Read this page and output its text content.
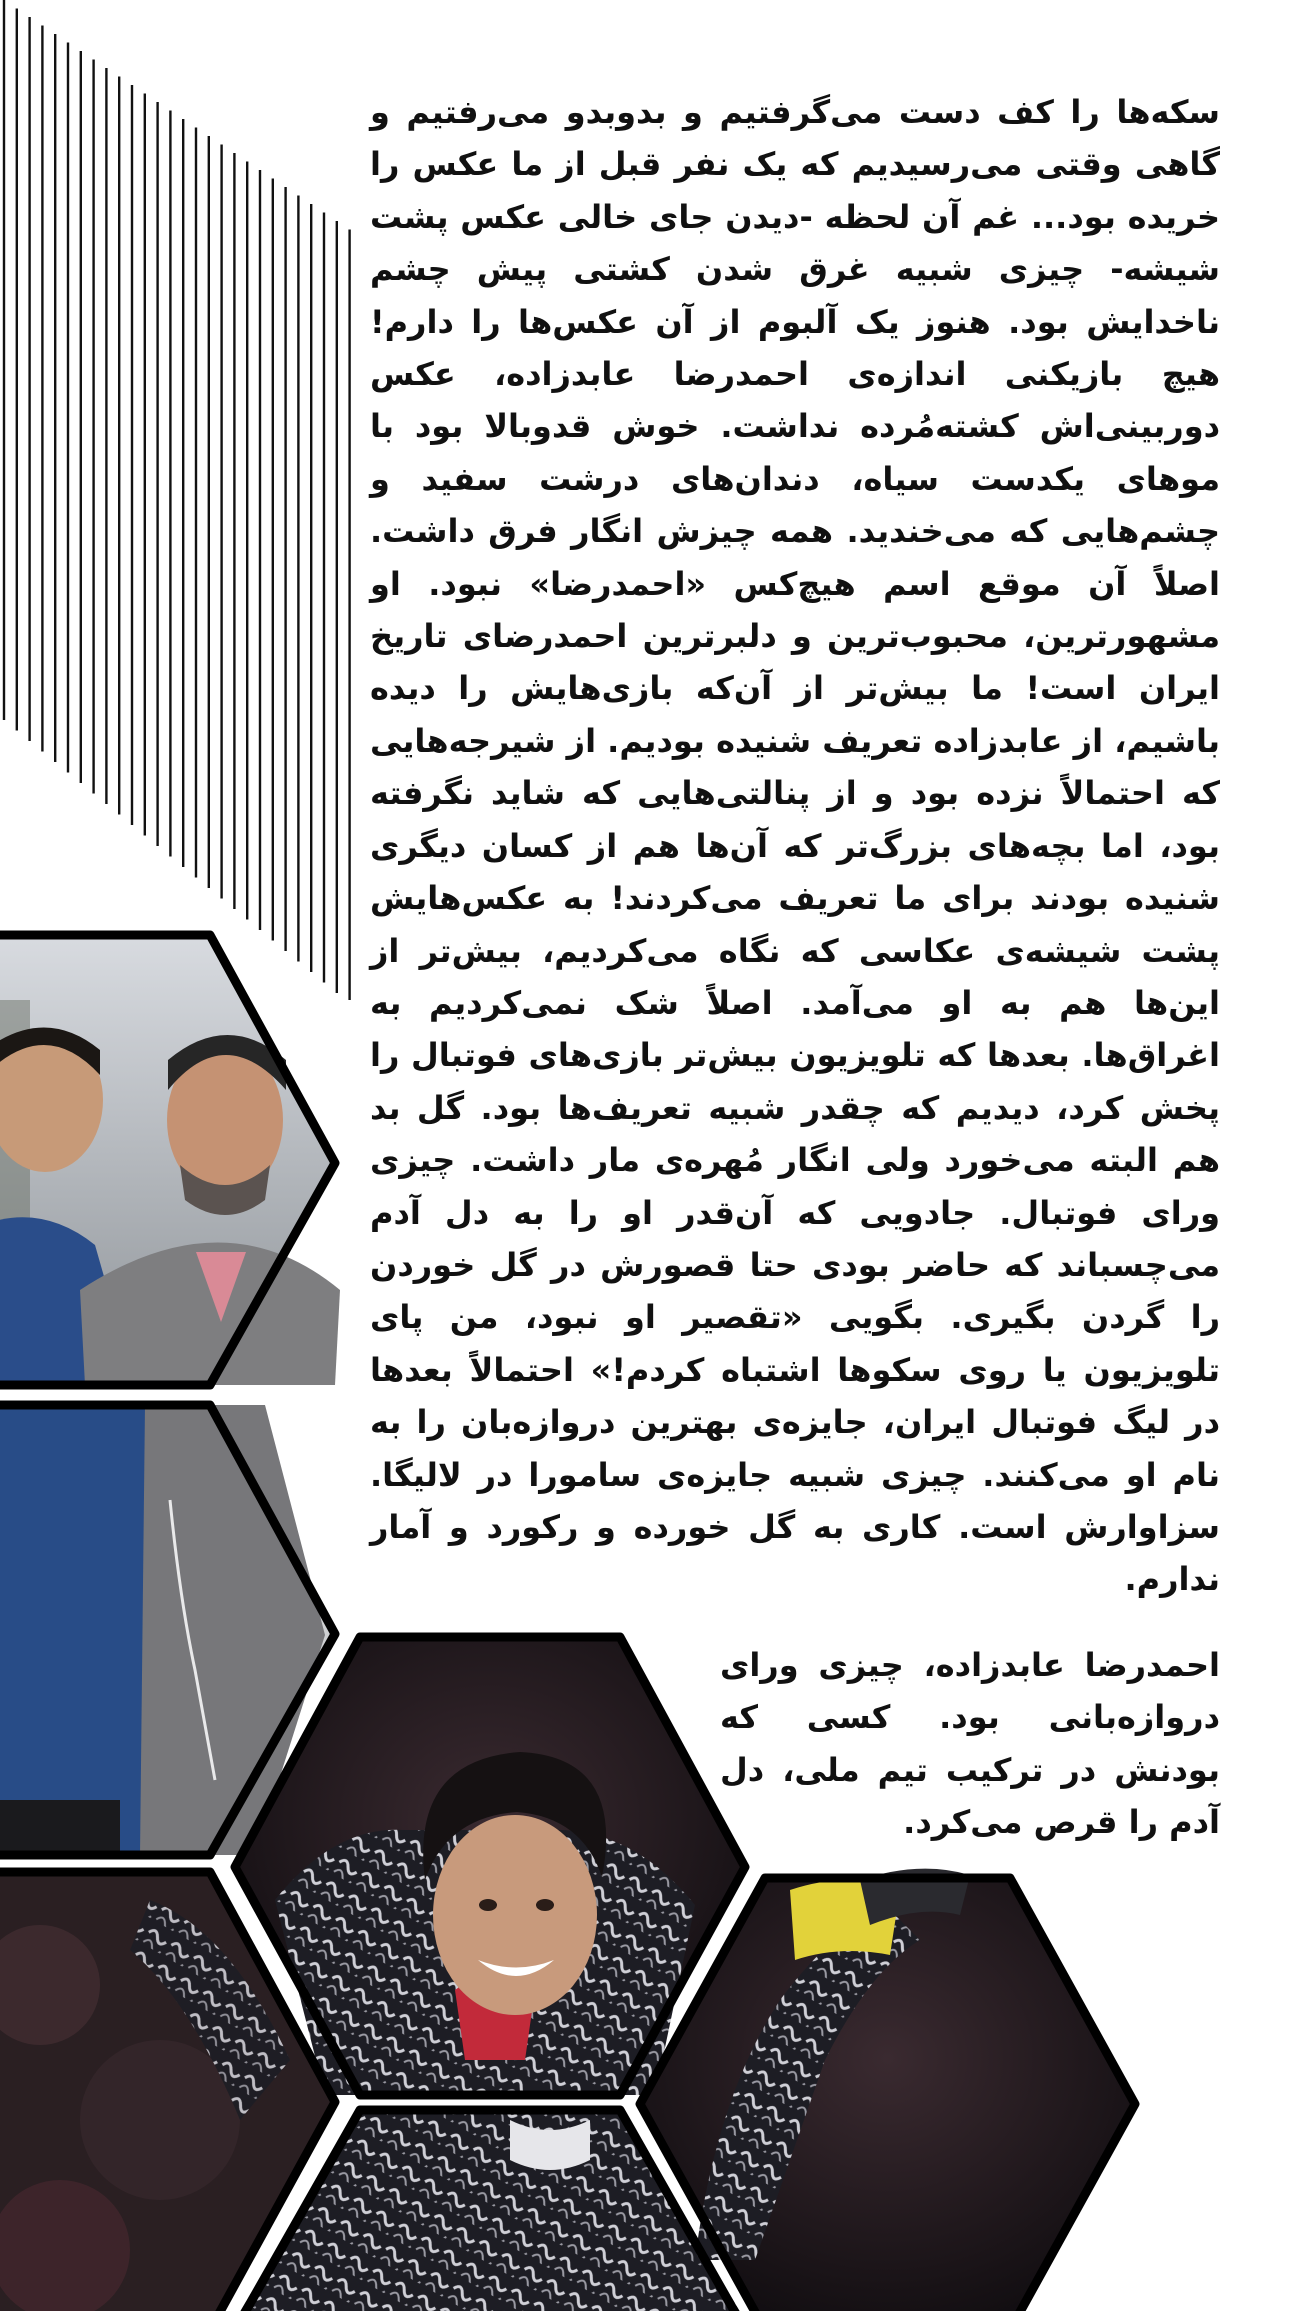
سکه‌ها را کف دست می‌گرفتیم و بدوبدو می‌رفتیم و گاهی وقتی می‌رسیدیم که یک نفر قبل از ما عکس را خریده بود... غم آن لحظه -دیدن جای خالی عکس پشت شیشه- چیزی شبیه غرق شدن کشتی پیش چشم ناخدایش بود. هنوز یک آلبوم از آن عکس‌ها را دارم! هیچ بازیکنی اندازه‌ی احمدرضا عابدزاده، عکس دوربینی‌اش کشته‌مُرده نداشت. خوش قدوبالا بود با موهای یکدست سیاه، دندان‌های درشت سفید و چشم‌هایی که می‌خندید. همه چیزش انگار فرق داشت. اصلاً آن موقع اسم هیچ‌کس «احمدرضا» نبود. او مشهورترین، محبوب‌ترین و دلبرترین احمدرضای تاریخ ایران است! ما بیش‌تر از آن‌که بازی‌هایش را دیده باشیم، از عابدزاده تعریف شنیده بودیم. از شیرجه‌هایی که احتمالاً نزده بود و از پنالتی‌هایی که شاید نگرفته بود، اما بچه‌های بزرگ‌تر که آن‌ها هم از کسان دیگری شنیده بودند برای ما تعریف می‌کردند! به عکس‌هایش پشت شیشه‌ی عکاسی که نگاه می‌کردیم، بیش‌تر از این‌ها هم به او می‌آمد. اصلاً شک نمی‌کردیم به اغراق‌ها. بعدها که تلویزیون بیش‌تر بازی‌های فوتبال را پخش کرد، دیدیم که چقدر شبیه تعریف‌ها بود. گل بد هم البته می‌خورد ولی انگار مُهره‌ی مار داشت. چیزی ورای فوتبال. جادویی که آن‌قدر او را به دل آدم می‌چسباند که حاضر بودی حتا قصورش در گل خوردن را گردن بگیری. بگویی «تقصیر او نبود، من پای تلویزیون یا روی سکوها اشتباه کردم!» احتمالاً بعدها در لیگ فوتبال ایران، جایزه‌ی بهترین دروازه‌بان را به نام او می‌کنند. چیزی شبیه جایزه‌ی سامورا در لالیگا. سزاوارش است. کاری به گل خورده و رکورد و آمار ندارم.

احمدرضا عابدزاده، چیزی ورای دروازه‌بانی بود. کسی که بودنش در ترکیب تیم ملی، دل آدم را قرص می‌کرد.
